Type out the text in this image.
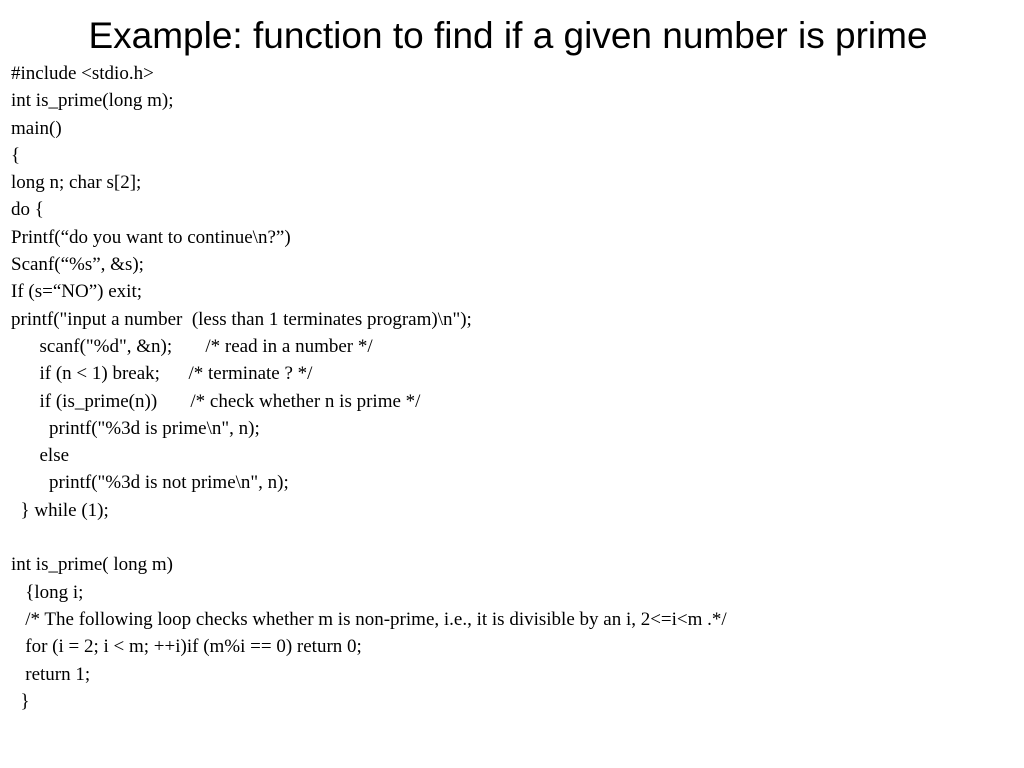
Example: function to find if a given number is prime
#include <stdio.h>
int is_prime(long m);
main()
{
long n; char s[2];
do {
Printf(“do you want to continue\n?”)
Scanf(“%s”, &s);
If (s=“NO”) exit;
printf("input a number  (less than 1 terminates program)\n");
scanf("%d", &n);       /* read in a number */
if (n < 1) break;      /* terminate ? */
if (is_prime(n))       /* check whether n is prime */
printf("%3d is prime\n", n);
else
printf("%3d is not prime\n", n);
} while (1);
int is_prime( long m)
{long i;
/* The following loop checks whether m is non-prime, i.e., it is divisible by an i, 2<=i<m .*/
for (i = 2; i < m; ++i)if (m%i == 0) return 0;
return 1;
}
